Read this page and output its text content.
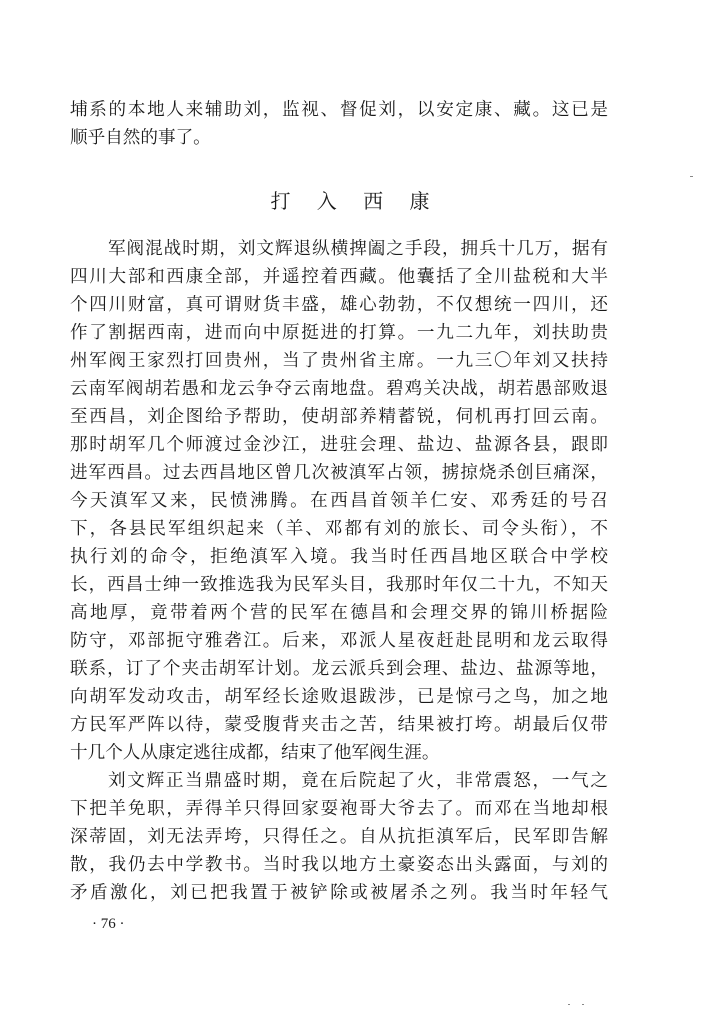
埔系的本地人来辅助刘，监视、督促刘，以安定康、藏。这已是
顺乎自然的事了。
打 入 西 康
军阀混战时期，刘文辉退纵横捭阖之手段，拥兵十几万，据有
四川大部和西康全部，并遥控着西藏。他囊括了全川盐税和大半
个四川财富，真可谓财货丰盛，雄心勃勃，不仅想统一四川，还
作了割据西南，进而向中原挺进的打算。一九二九年，刘扶助贵
州军阀王家烈打回贵州，当了贵州省主席。一九三〇年刘又扶持
云南军阀胡若愚和龙云争夺云南地盘。碧鸡关决战，胡若愚部败退
至西昌，刘企图给予帮助，使胡部养精蓄锐，伺机再打回云南。
那时胡军几个师渡过金沙江，进驻会理、盐边、盐源各县，跟即
进军西昌。过去西昌地区曾几次被滇军占领，掳掠烧杀创巨痛深，
今天滇军又来，民愤沸腾。在西昌首领羊仁安、邓秀廷的号召
下，各县民军组织起来（羊、邓都有刘的旅长、司令头衔），不
执行刘的命令，拒绝滇军入境。我当时任西昌地区联合中学校
长，西昌士绅一致推选我为民军头目，我那时年仅二十九，不知天
高地厚，竟带着两个营的民军在德昌和会理交界的锦川桥据险
防守，邓部扼守雅砻江。后来，邓派人星夜赶赴昆明和龙云取得
联系，订了个夹击胡军计划。龙云派兵到会理、盐边、盐源等地，
向胡军发动攻击，胡军经长途败退跋涉，已是惊弓之鸟，加之地
方民军严阵以待，蒙受腹背夹击之苦，结果被打垮。胡最后仅带
十几个人从康定逃往成都，结束了他军阀生涯。
刘文辉正当鼎盛时期，竟在后院起了火，非常震怒，一气之
下把羊免职，弄得羊只得回家耍袍哥大爷去了。而邓在当地却根
深蒂固，刘无法弄垮，只得任之。自从抗拒滇军后，民军即告解
散，我仍去中学教书。当时我以地方土豪姿态出头露面，与刘的
矛盾激化，刘已把我置于被铲除或被屠杀之列。我当时年轻气
· 76 ·
